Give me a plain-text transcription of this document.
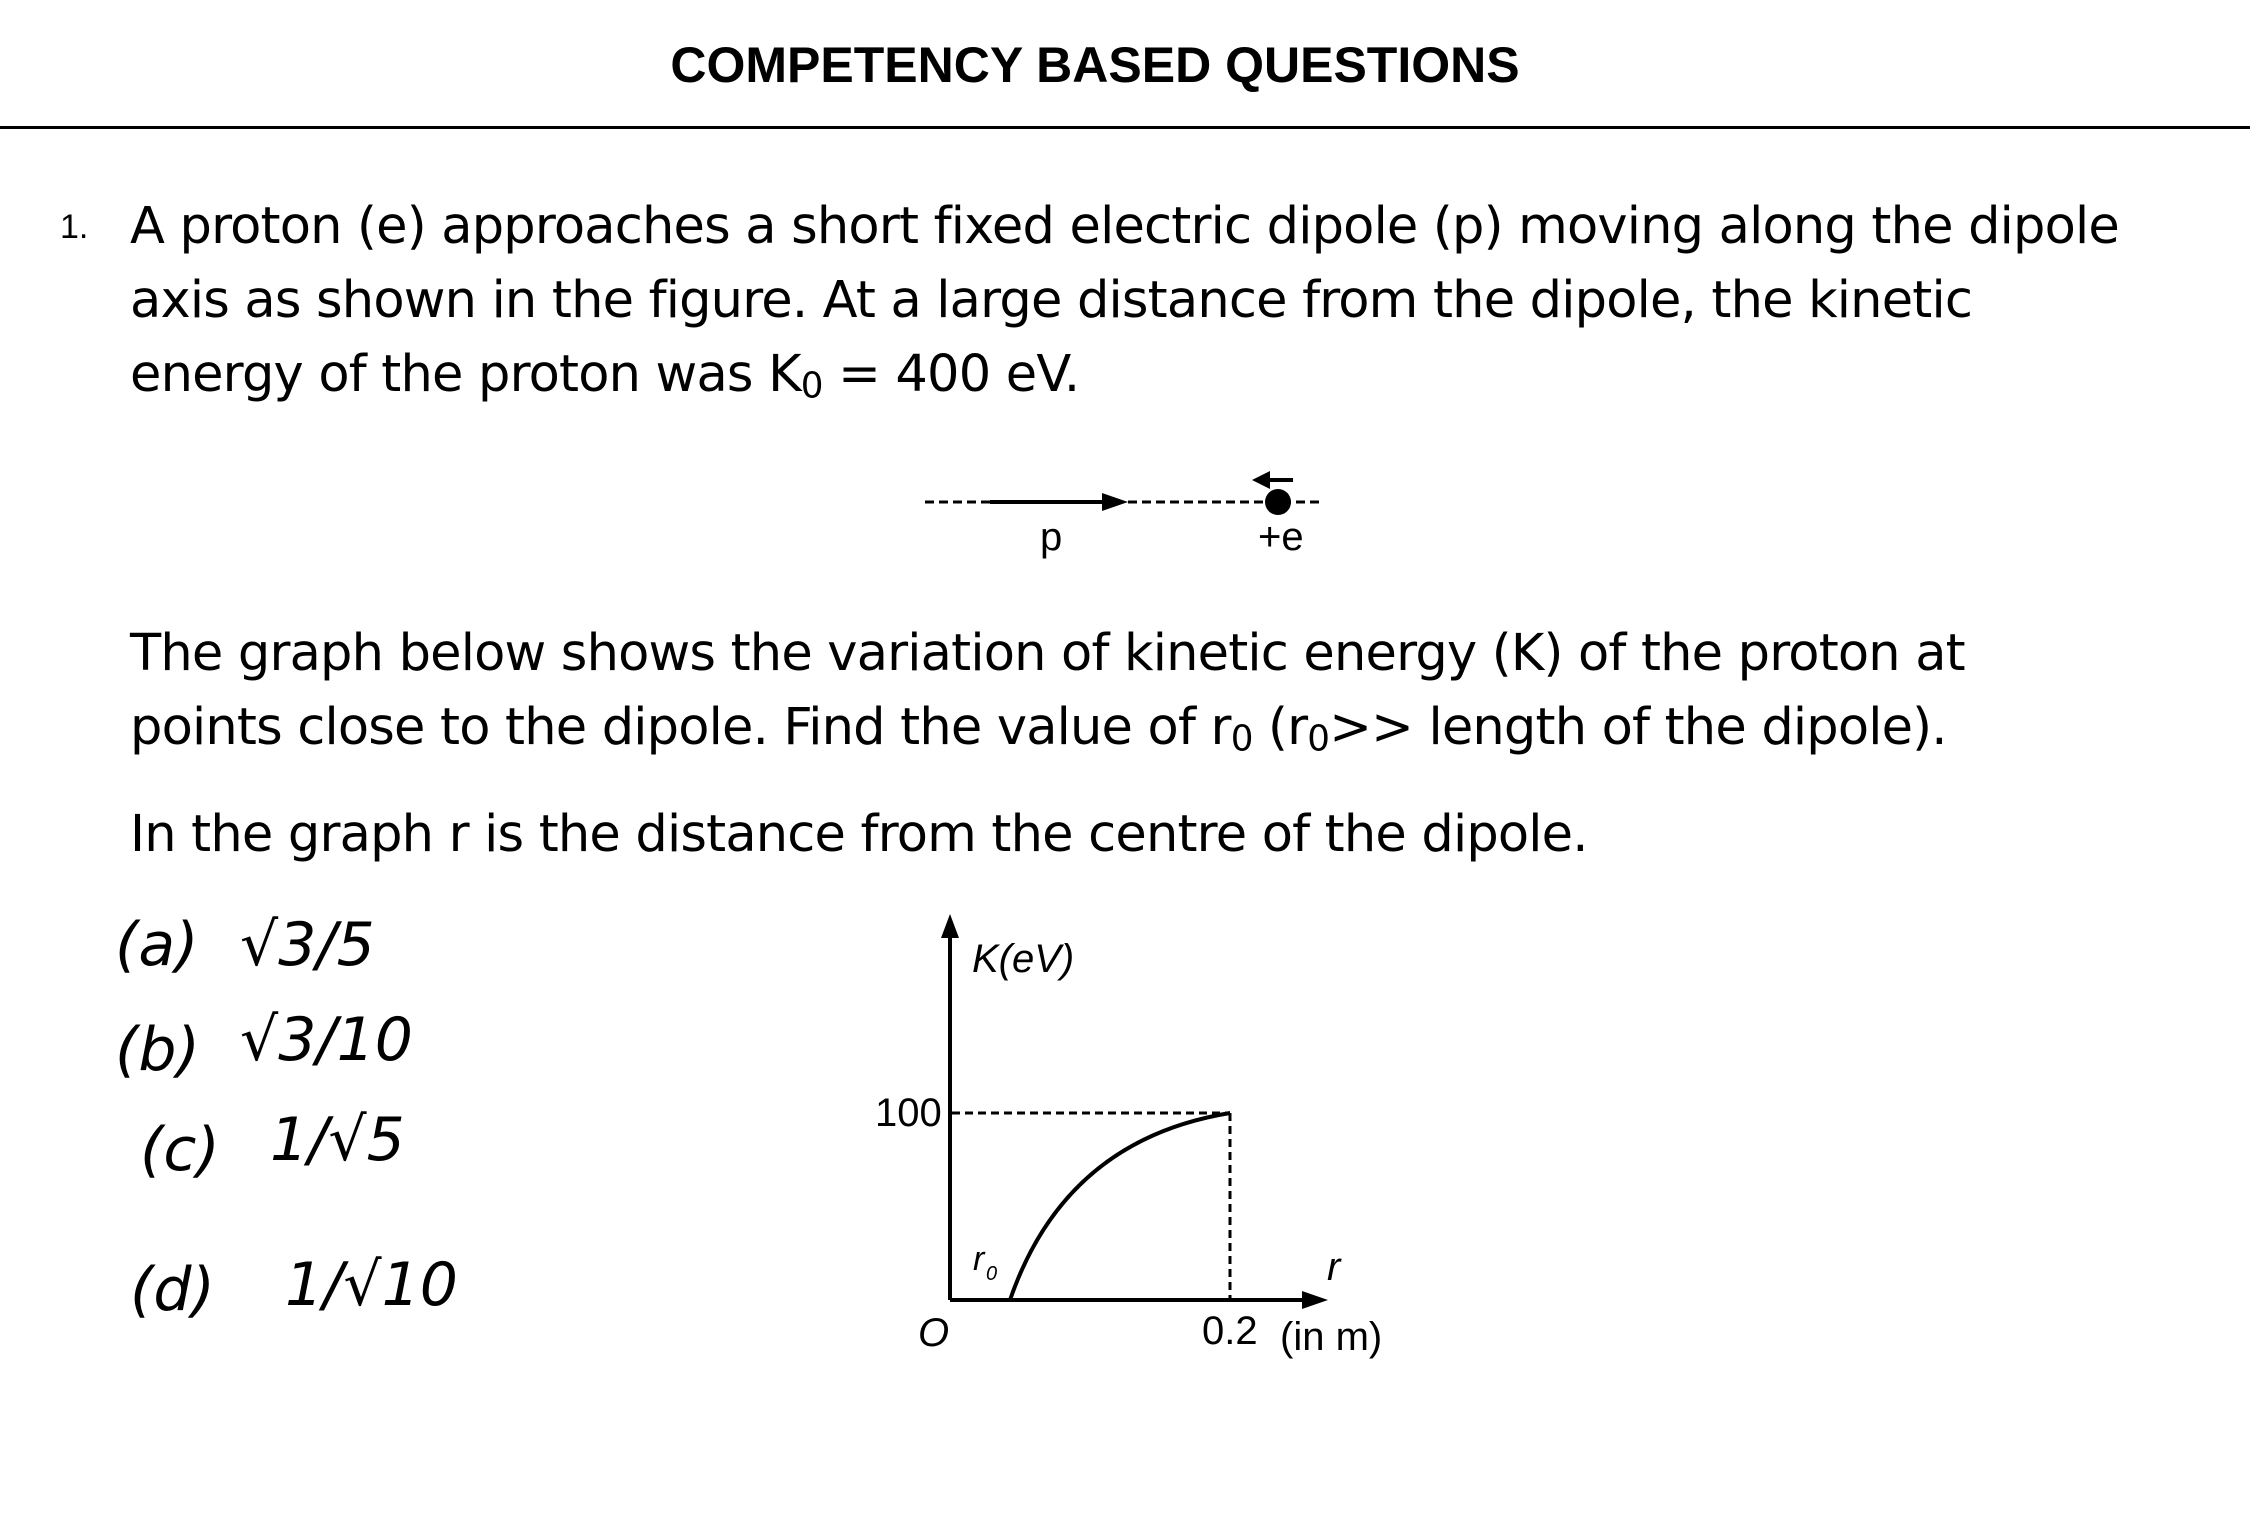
COMPETENCY BASED QUESTIONS
1. A proton (e) approaches a short fixed electric dipole (p) moving along the dipole axis as shown in the figure. At a large distance from the dipole, the kinetic energy of the proton was K0 = 400 eV.
p	+e
The graph below shows the variation of kinetic energy (K) of the proton at points close to the dipole. Find the value of r0 (r0>> length of the dipole).
In the graph r is the distance from the centre of the dipole.
(a) √3/5
(b) √3/10
(c) 1/√5
(d) 1/√10
K(eV)
100
O	0.2 (in m)
r
r 0
